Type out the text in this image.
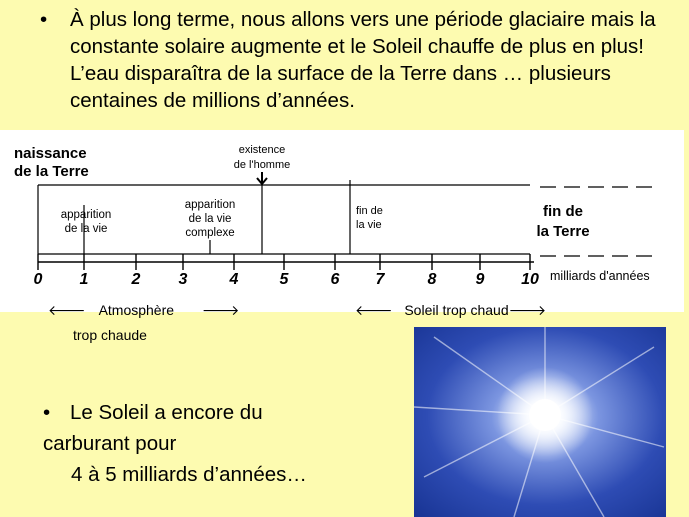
• À plus long terme, nous allons vers une période glaciaire mais la constante solaire augmente et le Soleil chauffe de plus en plus! L’eau disparaîtra de la surface de la Terre dans … plusieurs centaines de millions d’années.
naissance
de la Terre
existence
de l'homme
apparition
de la vie
apparition
de la vie
complexe
fin de
la vie
fin de
la Terre
0 1	2 3	4	5	6 7	8 9 10 milliards d'années
🡐 Atmosphère 🡒
trop chaude
🡐 Soleil trop chaud🡒
• Le Soleil a encore du
carburant pour
4 à 5 milliards d’années…
